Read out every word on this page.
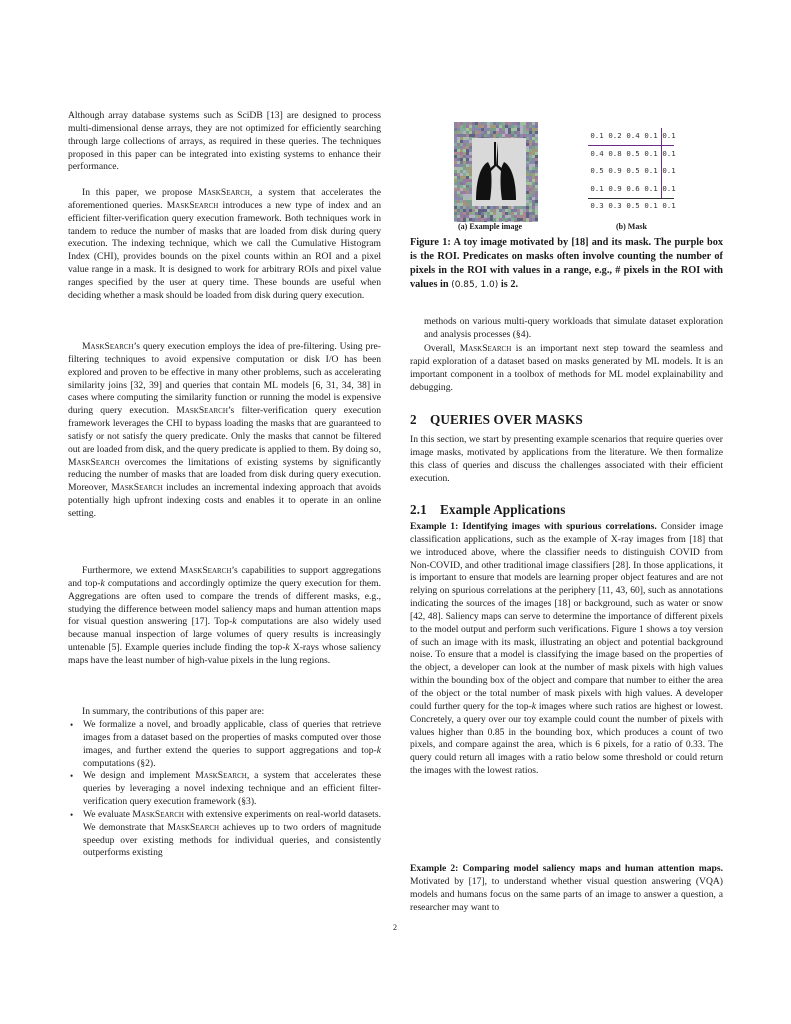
Although array database systems such as SciDB [13] are designed to process multi-dimensional dense arrays, they are not optimized for efficiently searching through large collections of arrays, as required in these queries. The techniques proposed in this paper can be integrated into existing systems to enhance their performance.

In this paper, we propose MaskSearch, a system that accelerates the aforementioned queries. MaskSearch introduces a new type of index and an efficient filter-verification query execution framework. Both techniques work in tandem to reduce the number of masks that are loaded from disk during query execution. The indexing technique, which we call the Cumulative Histogram Index (CHI), provides bounds on the pixel counts within an ROI and a pixel value range in a mask. It is designed to work for arbitrary ROIs and pixel value ranges specified by the user at query time. These bounds are useful when deciding whether a mask should be loaded from disk during query execution.

MaskSearch’s query execution employs the idea of pre-filtering. Using pre-filtering techniques to avoid expensive computation or disk I/O has been explored and proven to be effective in many other problems, such as accelerating similarity joins [32, 39] and queries that contain ML models [6, 31, 34, 38] in cases where computing the similarity function or running the model is expensive during query execution. MaskSearch’s filter-verification query execution framework leverages the CHI to bypass loading the masks that are guaranteed to satisfy or not satisfy the query predicate. Only the masks that cannot be filtered out are loaded from disk, and the query predicate is applied to them. By doing so, MaskSearch overcomes the limitations of existing systems by significantly reducing the number of masks that are loaded from disk during query execution. Moreover, MaskSearch includes an incremental indexing approach that avoids potentially high upfront indexing costs and enables it to operate in an online setting.

Furthermore, we extend MaskSearch’s capabilities to support aggregations and top-k computations and accordingly optimize the query execution for them. Aggregations are often used to compare the trends of different masks, e.g., studying the difference between model saliency maps and human attention maps for visual question answering [17]. Top-k computations are also widely used because manual inspection of large volumes of query results is increasingly untenable [5]. Example queries include finding the top-k X-rays whose saliency maps have the least number of high-value pixels in the lung regions.

In summary, the contributions of this paper are:

• We formalize a novel, and broadly applicable, class of queries that retrieve images from a dataset based on the properties of masks computed over those images, and further extend the queries to support aggregations and top-k computations (§2).
• We design and implement MaskSearch, a system that accelerates these queries by leveraging a novel indexing technique and an efficient filter-verification query execution framework (§3).
• We evaluate MaskSearch with extensive experiments on real-world datasets. We demonstrate that MaskSearch achieves up to two orders of magnitude speedup over existing methods for individual queries, and consistently outperforms existing
0.1	0.2	0.4	0.1	0.1
0.4	0.8	0.5	0.1	0.1
0.5	0.9	0.5	0.1	0.1
0.1	0.9	0.6	0.1	0.1
0.3	0.3	0.5	0.1	0.1
(a) Example image	(b) Mask

Figure 1: A toy image motivated by [18] and its mask. The purple box is the ROI. Predicates on masks often involve counting the number of pixels in the ROI with values in a range, e.g., # pixels in the ROI with values in (0.85, 1.0) is 2.

methods on various multi-query workloads that simulate dataset exploration and analysis processes (§4).

Overall, MaskSearch is an important next step toward the seamless and rapid exploration of a dataset based on masks generated by ML models. It is an important component in a toolbox of methods for ML model explainability and debugging.

2 QUERIES OVER MASKS

In this section, we start by presenting example scenarios that require queries over image masks, motivated by applications from the literature. We then formalize this class of queries and discuss the challenges associated with their efficient execution.

2.1 Example Applications

Example 1: Identifying images with spurious correlations. Consider image classification applications, such as the example of X-ray images from [18] that we introduced above, where the classifier needs to distinguish COVID from Non-COVID, and other traditional image classifiers [28]. In those applications, it is important to ensure that models are learning proper object features and are not relying on spurious correlations at the periphery [11, 43, 60], such as annotations indicating the sources of the images [18] or background, such as water or snow [42, 48]. Saliency maps can serve to determine the importance of different pixels to the model output and perform such verifications. Figure 1 shows a toy version of such an image with its mask, illustrating an object and potential background noise. To ensure that a model is classifying the image based on the properties of the object, a developer can look at the number of mask pixels with high values within the bounding box of the object and compare that number to either the area of the object or the total number of mask pixels with high values. A developer could further query for the top-k images where such ratios are highest or lowest. Concretely, a query over our toy example could count the number of pixels with values higher than 0.85 in the bounding box, which produces a count of two pixels, and compare against the area, which is 6 pixels, for a ratio of 0.33. The query could return all images with a ratio below some threshold or could return the images with the lowest ratios.

Example 2: Comparing model saliency maps and human attention maps. Motivated by [17], to understand whether visual question answering (VQA) models and humans focus on the same parts of an image to answer a question, a researcher may want to

2
